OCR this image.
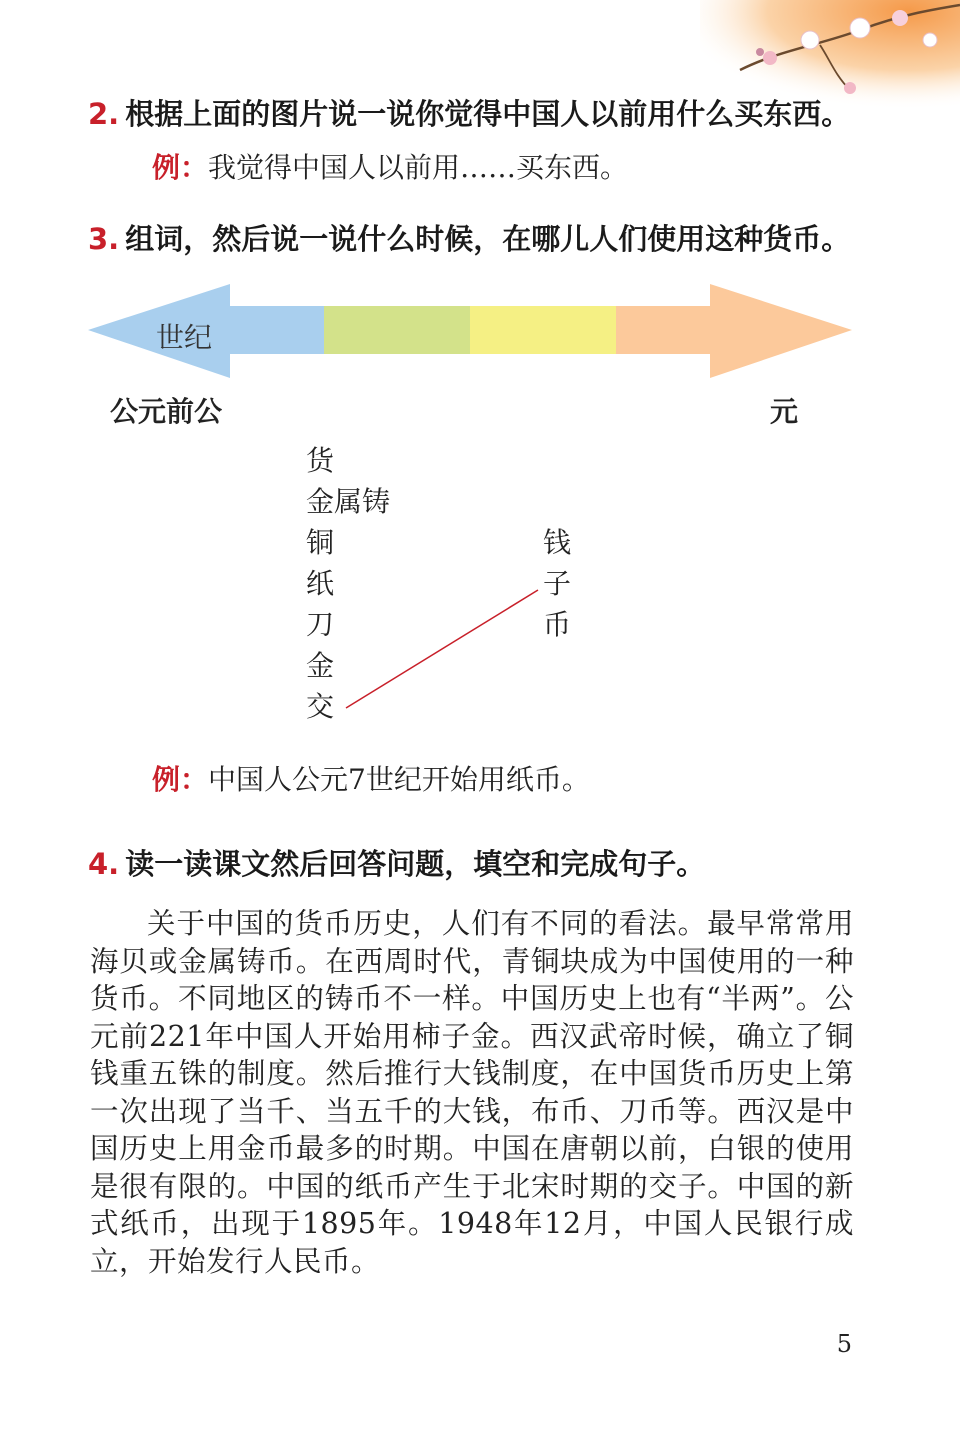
2. 根据上面的图片说一说你觉得中国人以前用什么买东西。
例：我觉得中国人以前用……买东西。
3. 组词，然后说一说什么时候，在哪儿人们使用这种货币。
世纪
公元前公	元
货
金属铸
铜
纸
刀
金
交
钱
子
币
例：中国人公元7世纪开始用纸币。
4. 读一读课文然后回答问题，填空和完成句子。
关于中国的货币历史，人们有不同的看法。最早常常用海贝或金属铸币。在西周时代，青铜块成为中国使用的一种货币。不同地区的铸币不一样。中国历史上也有“半两”。公元前221年中国人开始用柿子金。西汉武帝时候，确立了铜钱重五铢的制度。然后推行大钱制度，在中国货币历史上第一次出现了当千、当五千的大钱，布币、刀币等。西汉是中国历史上用金币最多的时期。中国在唐朝以前，白银的使用是很有限的。中国的纸币产生于北宋时期的交子。中国的新式纸币，出现于1895年。1948年12月，中国人民银行成立，开始发行人民币。
5
